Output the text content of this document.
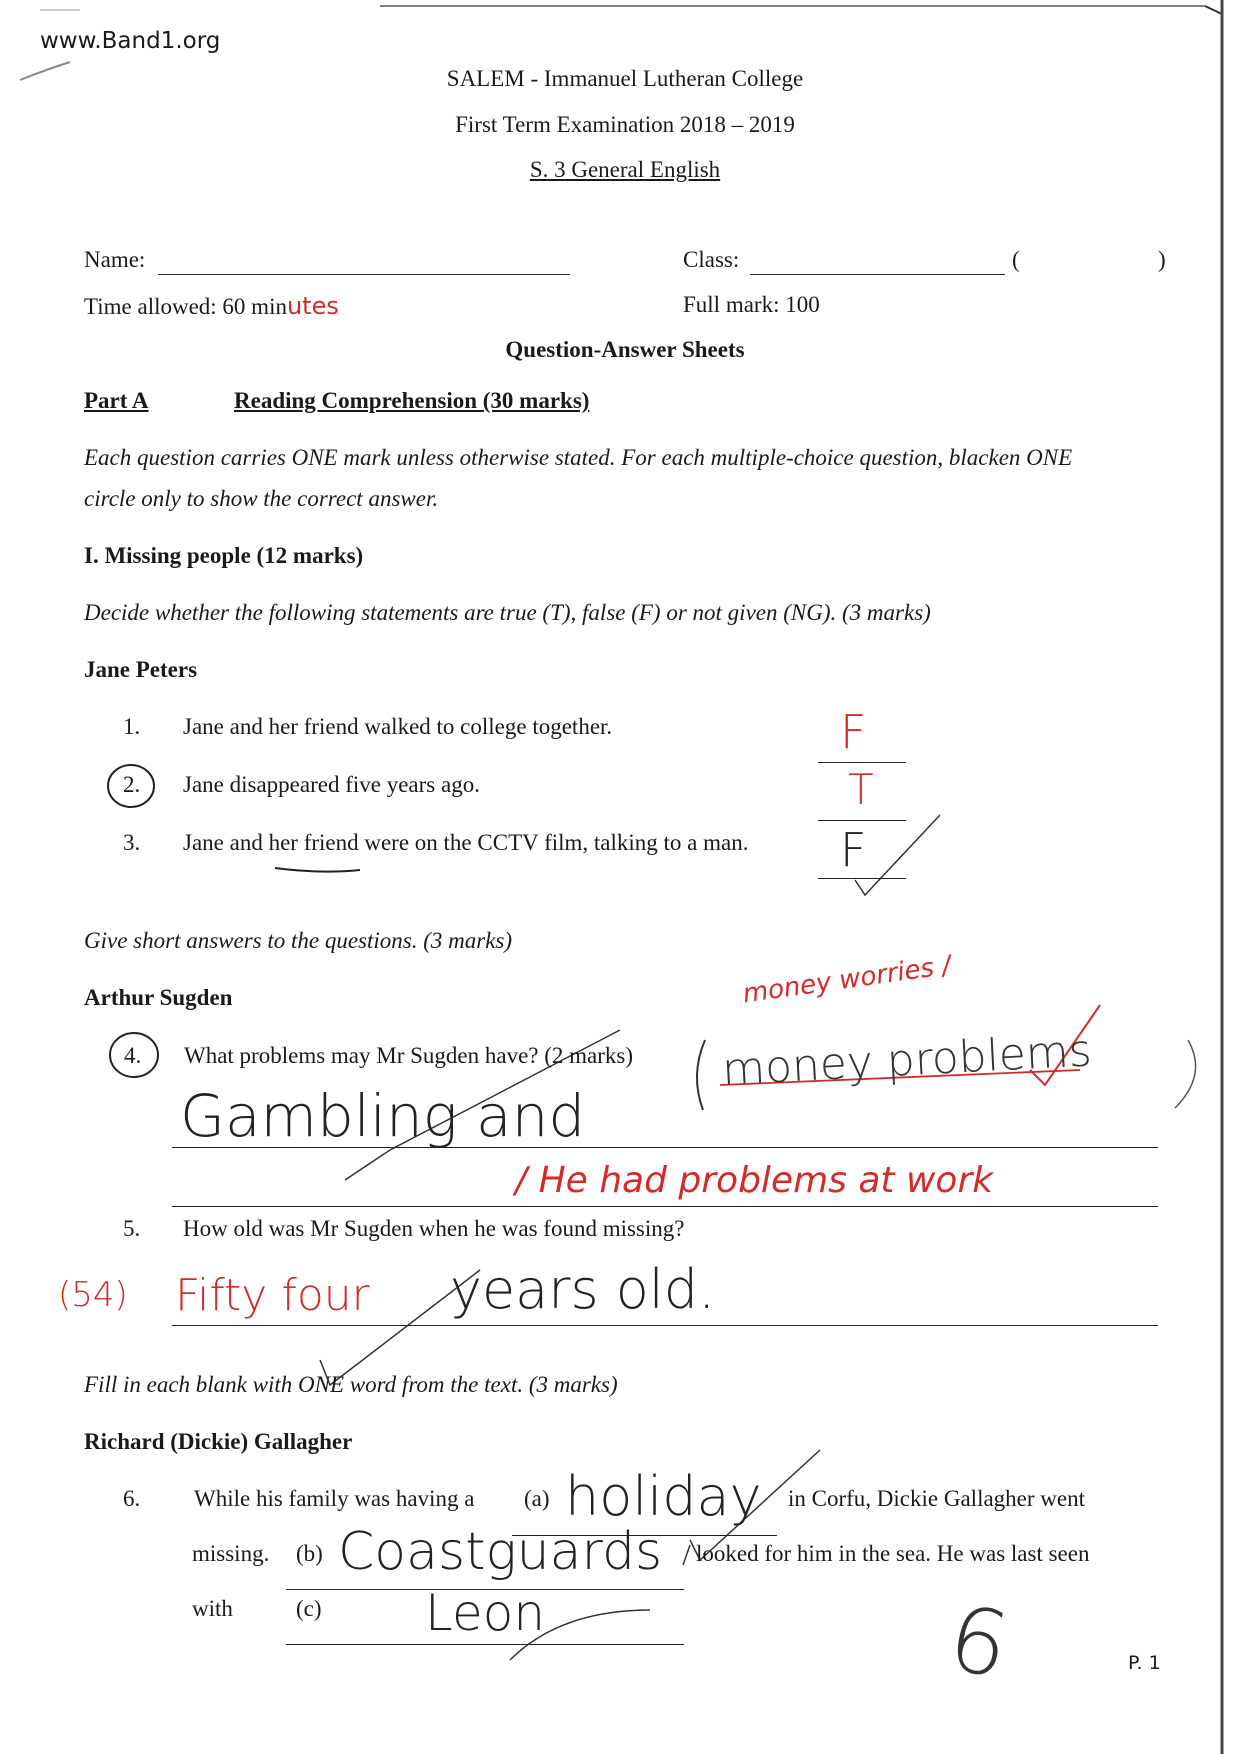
www.Band1.org
SALEM - Immanuel Lutheran College
First Term Examination 2018 – 2019
S. 3 General English
Name:	Class:	(	)
Time allowed: 60 minutes	Full mark: 100
Question-Answer Sheets
Part A	Reading Comprehension (30 marks)
Each question carries ONE mark unless otherwise stated. For each multiple-choice question, blacken ONE
circle only to show the correct answer.
I. Missing people (12 marks)
Decide whether the following statements are true (T), false (F) or not given (NG). (3 marks)
Jane Peters
1. Jane and her friend walked to college together.	F
2. Jane disappeared five years ago.	T
3. Jane and her friend were on the CCTV film, talking to a man. F
Give short answers to the questions. (3 marks)
Arthur Sugden	money worries /
4. What problems may Mr Sugden have? (2 marks) money problems
Gambling and
/ He had problems at work
5. How old was Mr Sugden when he was found missing?
(54) Fifty four years old.
Fill in each blank with ONE word from the text. (3 marks)
Richard (Dickie) Gallagher
6. While his family was having a (a) holiday in Corfu, Dickie Gallagher went
missing. (b) Coastguards looked for him in the sea. He was last seen
with	(c) Leon	6	P. 1
